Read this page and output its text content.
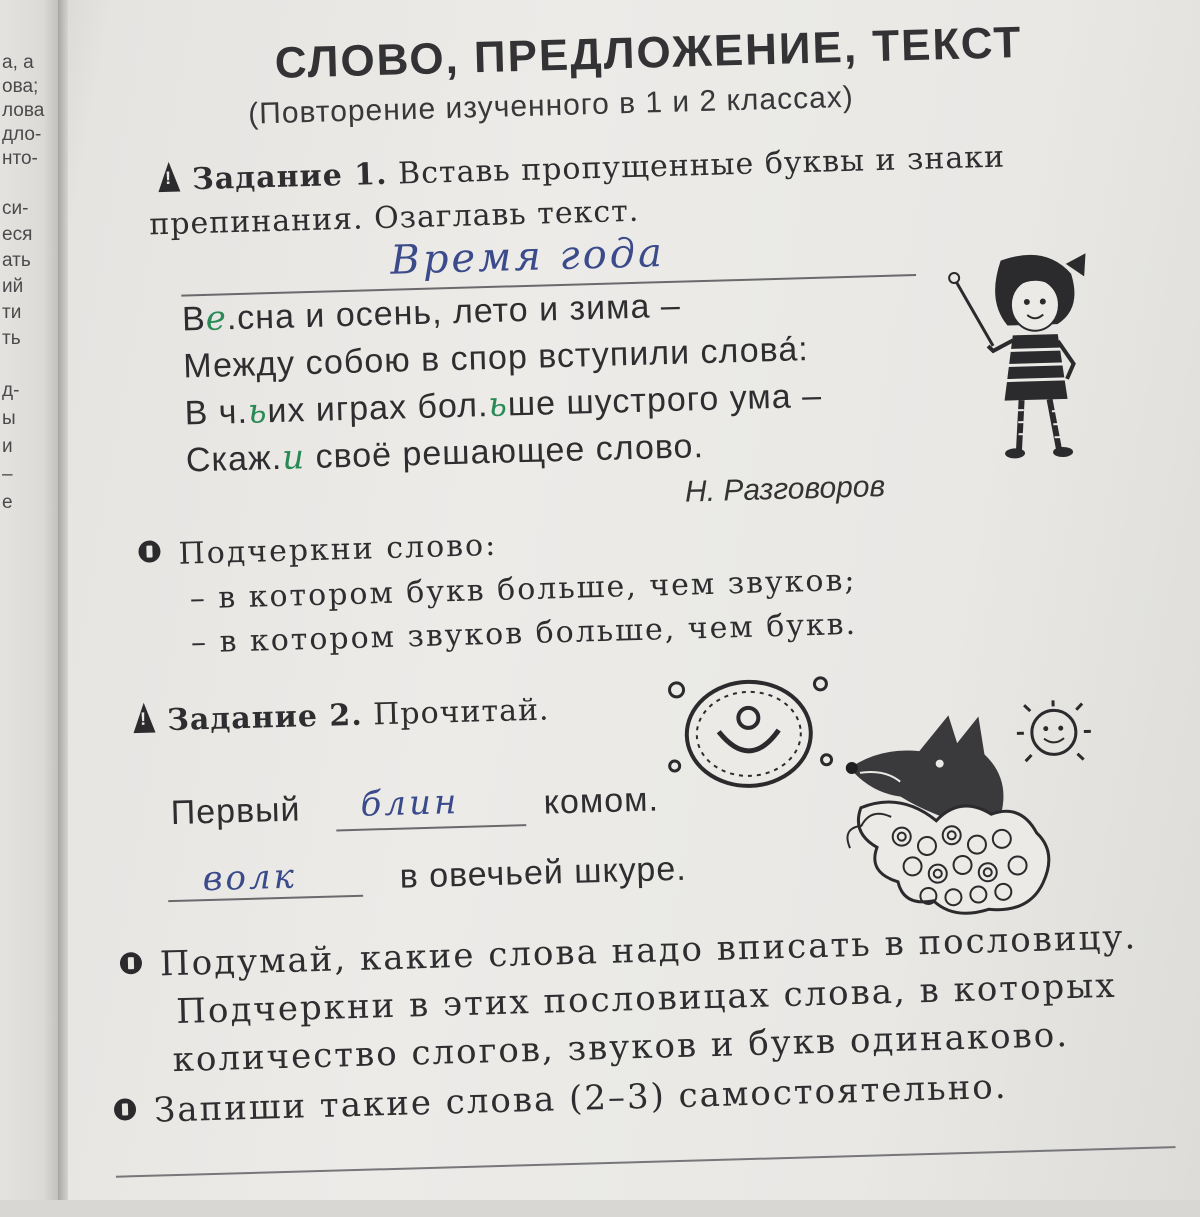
а, а
ова;
лова
дло-
нто-
си-
еся
ать
ий
ти
ть
д-
ы
и
–
е
СЛОВО, ПРЕДЛОЖЕНИЕ, ТЕКСТ
(Повторение изученного в 1 и 2 классах)
!Задание 1. Вставь пропущенные буквы и знаки
препинания. Озаглавь текст.
Время года
Ве.сна и осень, лето и зима –
Между собою в спор вступили слова́:
В ч.ьих играх бол.ьше шустрого ума –
Скаж.и своё решающее слово.
Н. Разговоров
Подчеркни слово:
– в котором букв больше, чем звуков;
– в котором звуков больше, чем букв.
!Задание 2. Прочитай.
Первый блин комом.
волк	в овечьей шкуре.
Подумай, какие слова надо вписать в пословицу.
Подчеркни в этих пословицах слова, в которых
количество слогов, звуков и букв одинаково.
Запиши такие слова (2–3) самостоятельно.
